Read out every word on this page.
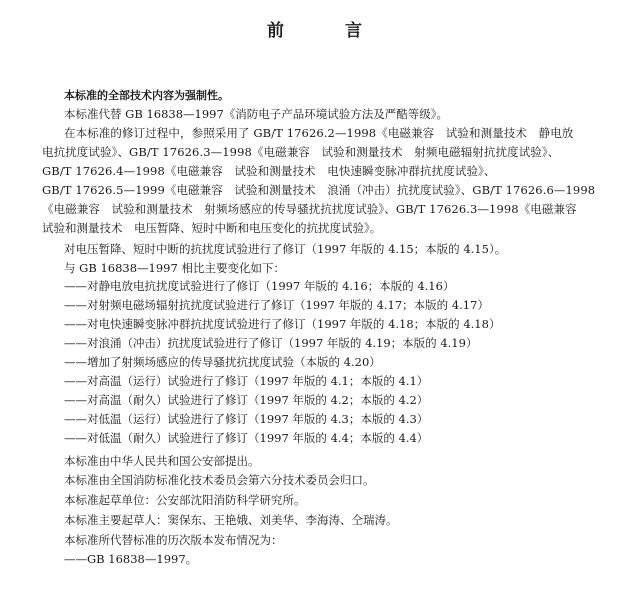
前　言
本标准的全部技术内容为强制性。
本标准代替 GB 16838—1997《消防电子产品环境试验方法及严酷等级》。
在本标准的修订过程中，参照采用了 GB/T 17626.2—1998《电磁兼容　试验和测量技术　静电放
电抗扰度试验》、GB/T 17626.3—1998《电磁兼容　试验和测量技术　射频电磁辐射抗扰度试验》、
GB/T 17626.4—1998《电磁兼容　试验和测量技术　电快速瞬变脉冲群抗扰度试验》、
GB/T 17626.5—1999《电磁兼容　试验和测量技术　浪涌（冲击）抗扰度试验》、GB/T 17626.6—1998
《电磁兼容　试验和测量技术　射频场感应的传导骚扰抗扰度试验》、GB/T 17626.3—1998《电磁兼容
试验和测量技术　电压暂降、短时中断和电压变化的抗扰度试验》。
对电压暂降、短时中断的抗扰度试验进行了修订（1997 年版的 4.15；本版的 4.15）。
与 GB 16838—1997 相比主要变化如下：
——对静电放电抗扰度试验进行了修订（1997 年版的 4.16；本版的 4.16）
——对射频电磁场辐射抗扰度试验进行了修订（1997 年版的 4.17；本版的 4.17）
——对电快速瞬变脉冲群抗扰度试验进行了修订（1997 年版的 4.18；本版的 4.18）
——对浪涌（冲击）抗扰度试验进行了修订（1997 年版的 4.19；本版的 4.19）
——增加了射频场感应的传导骚扰抗扰度试验（本版的 4.20）
——对高温（运行）试验进行了修订（1997 年版的 4.1；本版的 4.1）
——对高温（耐久）试验进行了修订（1997 年版的 4.2；本版的 4.2）
——对低温（运行）试验进行了修订（1997 年版的 4.3；本版的 4.3）
——对低温（耐久）试验进行了修订（1997 年版的 4.4；本版的 4.4）
本标准由中华人民共和国公安部提出。
本标准由全国消防标准化技术委员会第六分技术委员会归口。
本标准起草单位：公安部沈阳消防科学研究所。
本标准主要起草人：窦保东、王艳娥、刘美华、李海涛、仝瑞涛。
本标准所代替标准的历次版本发布情况为：
——GB 16838—1997。
